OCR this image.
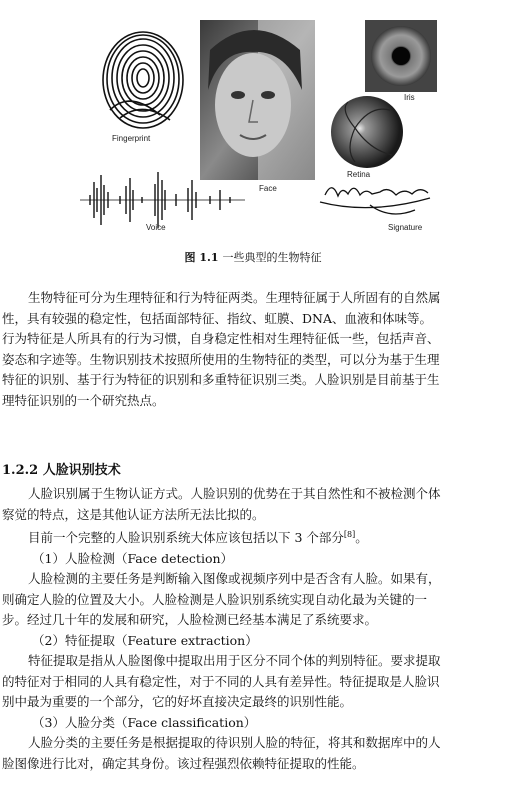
Fingerprint
Iris
Retina
Face
Voice	Signature
图 1.1 一些典型的生物特征
生物特征可分为生理特征和行为特征两类。生理特征属于人所固有的自然属
性，具有较强的稳定性，包括面部特征、指纹、虹膜、DNA、血液和体味等。
行为特征是人所具有的行为习惯，自身稳定性相对生理特征低一些，包括声音、
姿态和字迹等。生物识别技术按照所使用的生物特征的类型，可以分为基于生理
特征的识别、基于行为特征的识别和多重特征识别三类。人脸识别是目前基于生
理特征识别的一个研究热点。
1.2.2 人脸识别技术
人脸识别属于生物认证方式。人脸识别的优势在于其自然性和不被检测个体
察觉的特点，这是其他认证方法所无法比拟的。
目前一个完整的人脸识别系统大体应该包括以下 3 个部分[8]。
（1）人脸检测（Face detection）
人脸检测的主要任务是判断输入图像或视频序列中是否含有人脸。如果有，
则确定人脸的位置及大小。人脸检测是人脸识别系统实现自动化最为关键的一
步。经过几十年的发展和研究，人脸检测已经基本满足了系统要求。
（2）特征提取（Feature extraction）
特征提取是指从人脸图像中提取出用于区分不同个体的判别特征。要求提取
的特征对于相同的人具有稳定性，对于不同的人具有差异性。特征提取是人脸识
别中最为重要的一个部分，它的好坏直接决定最终的识别性能。
（3）人脸分类（Face classification）
人脸分类的主要任务是根据提取的待识别人脸的特征，将其和数据库中的人
脸图像进行比对，确定其身份。该过程强烈依赖特征提取的性能。
